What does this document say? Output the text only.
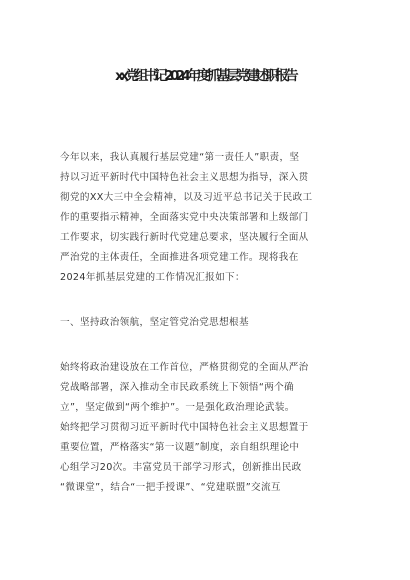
xx党组书记2024年度抓基层党建述职报告
今年以来，我认真履行基层党建“第一责任人”职责，坚
持以习近平新时代中国特色社会主义思想为指导，深入贯
彻党的XX大三中全会精神，以及习近平总书记关于民政工
作的重要指示精神，全面落实党中央决策部署和上级部门
工作要求，切实践行新时代党建总要求，坚决履行全面从
严治党的主体责任，全面推进各项党建工作。现将我在
2024年抓基层党建的工作情况汇报如下：
一、坚持政治领航，坚定管党治党思想根基
始终将政治建设放在工作首位，严格贯彻党的全面从严治
党战略部署，深入推动全市民政系统上下领悟“两个确
立”，坚定做到“两个维护”。一是强化政治理论武装。
始终把学习贯彻习近平新时代中国特色社会主义思想置于
重要位置，严格落实“第一议题”制度，亲自组织理论中
心组学习20次。丰富党员干部学习形式，创新推出民政
“微课堂”，结合“一把手授课”、“党建联盟”交流互
